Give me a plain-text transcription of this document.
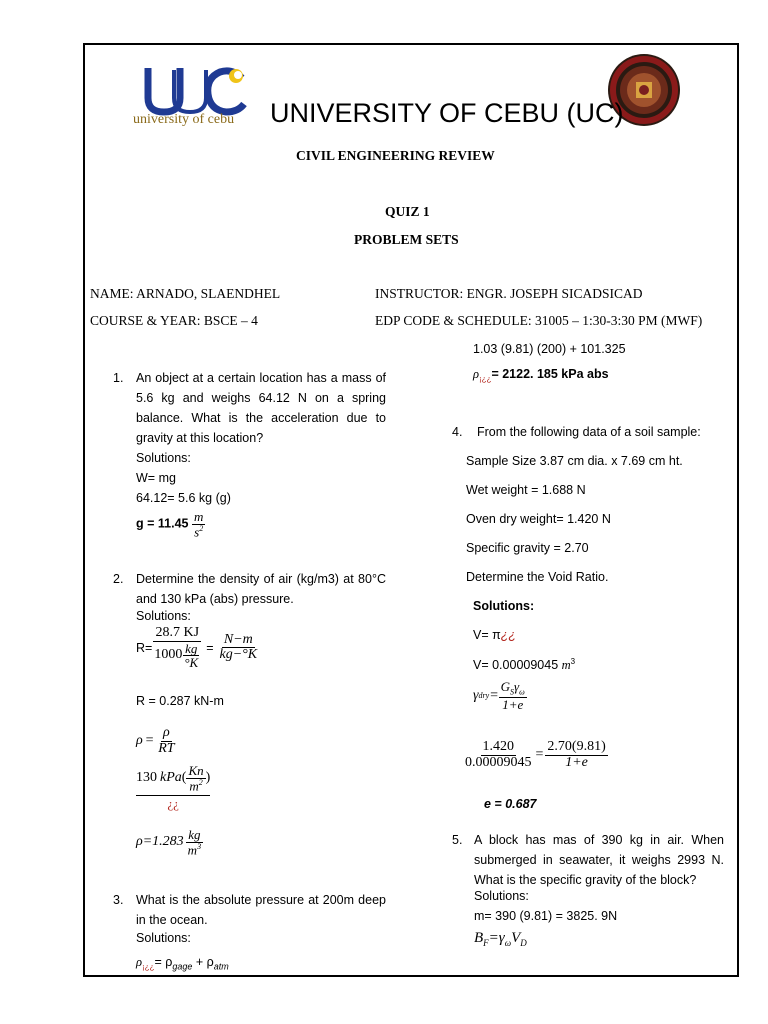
university of cebu UNIVERSITY OF CEBU (UC)
CIVIL ENGINEERING REVIEW
QUIZ 1
PROBLEM SETS
NAME: ARNADO, SLAENDHEL
COURSE & YEAR: BSCE – 4
INSTRUCTOR: ENGR. JOSEPH SICADSICAD
EDP CODE & SCHEDULE: 31005 – 1:30-3:30 PM (MWF)
1. An object at a certain location has a mass of 5.6 kg and weighs 64.12 N on a spring balance. What is the acceleration due to gravity at this location?
Solutions:
W= mg
64.12= 5.6 kg (g)
$g = 11.45 \frac{m}{s^2}$
2. Determine the density of air (kg/m3) at 80°C and 130 kPa (abs) pressure.
Solutions:
$R= \frac{28.7 KJ}{1000 \frac{kg}{^\circ K}} = \frac{N-m}{kg-^\circ K}$
R = 0.287 kN-m
$\rho = \frac{\rho}{RT}$
130 kPa ( $\frac{Kn}{m^2}$ )
¿¿
$\rho=1.283 \frac{kg}{m^3}$
3. What is the absolute pressure at 200m deep in the ocean.
Solutions:
$\rho_{¡¿¿}= \rho_{gage} + \rho_{atm}$
1.03 (9.81) (200) + 101.325
$\rho_{¡¿¿}= 2122$. 185 kPa abs
4. From the following data of a soil sample:
Sample Size 3.87 cm dia. x 7.69 cm ht.
Wet weight = 1.688 N
Oven dry weight= 1.420 N
Specific gravity = 2.70
Determine the Void Ratio.
Solutions:
V= π¿¿
V= 0.00009045 $m^3$
γ dry = $\frac{G_S\gamma_\omega}{1+e}$
$\frac{1.420}{0.00009045} = \frac{2.70(9.81)}{1+e}$
e = 0.687
5. A block has mas of 390 kg in air. When submerged in seawater, it weighs 2993 N. What is the specific gravity of the block?
Solutions:
m= 390 (9.81) = 3825. 9N
$B_F=\gamma_\omega V_D$
